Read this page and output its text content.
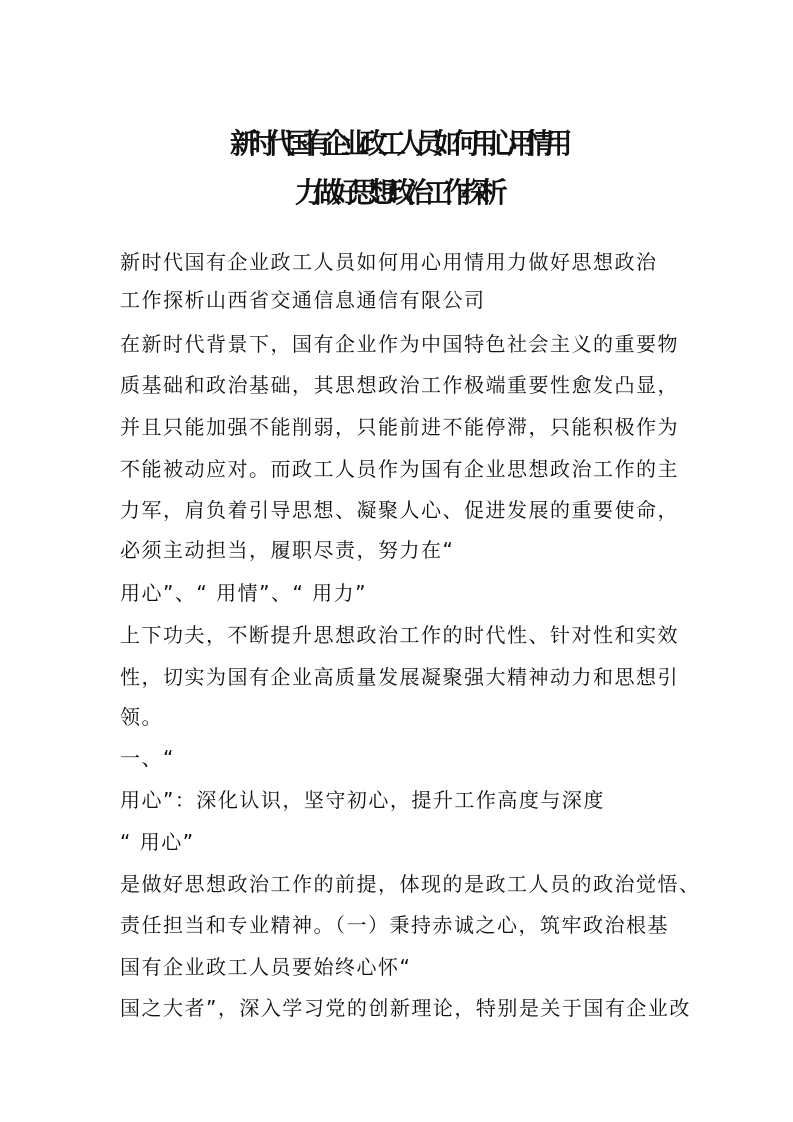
新时代国有企业政工人员如何用心用情用
力做好思想政治工作探析
新时代国有企业政工人员如何用心用情用力做好思想政治
工作探析山西省交通信息通信有限公司
在新时代背景下，国有企业作为中国特色社会主义的重要物
质基础和政治基础，其思想政治工作极端重要性愈发凸显，
并且只能加强不能削弱，只能前进不能停滞，只能积极作为
不能被动应对。而政工人员作为国有企业思想政治工作的主
力军，肩负着引导思想、凝聚人心、促进发展的重要使命，
必须主动担当，履职尽责，努力在“
用心”、“ 用情”、“ 用力”
上下功夫，不断提升思想政治工作的时代性、针对性和实效
性，切实为国有企业高质量发展凝聚强大精神动力和思想引
领。
一、“
用心”：深化认识，坚守初心，提升工作高度与深度
“ 用心”
是做好思想政治工作的前提，体现的是政工人员的政治觉悟、
责任担当和专业精神。（一）秉持赤诚之心，筑牢政治根基
国有企业政工人员要始终心怀“
国之大者”，深入学习党的创新理论，特别是关于国有企业改
